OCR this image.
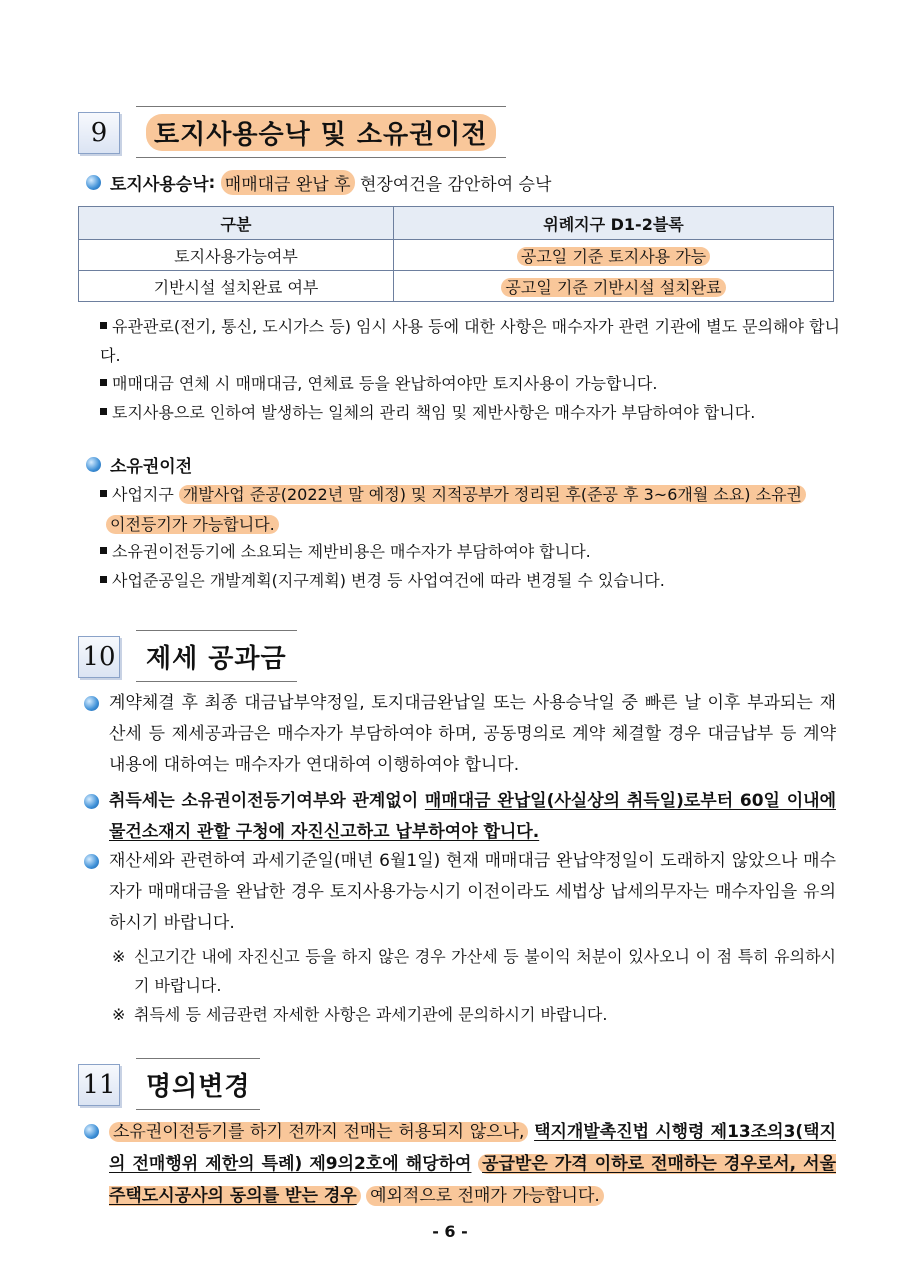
9	토지사용승낙 및 소유권이전
토지사용승낙 :
매매대금 완납 후
현장여건을 감안하여 승낙
구분	위례지구 D1-2블록
토지사용가능여부	공고일 기준 토지사용 가능
기반시설 설치완료 여부	공고일 기준 기반시설 설치완료
유관관로(전기, 통신, 도시가스 등) 임시 사용 등에 대한 사항은 매수자가 관련 기관에 별도 문의해야 합니다.
매매대금 연체 시 매매대금, 연체료 등을 완납하여야만 토지사용이 가능합니다.
토지사용으로 인하여 발생하는 일체의 관리 책임 및 제반사항은 매수자가 부담하여야 합니다.
소유권이전
사업지구 개발사업 준공(2022년 말 예정) 및 지적공부가 정리된 후(준공 후 3~6개월 소요) 소유권
이전등기가 가능합니다.
소유권이전등기에 소요되는 제반비용은 매수자가 부담하여야 합니다.
사업준공일은 개발계획(지구계획) 변경 등 사업여건에 따라 변경될 수 있습니다.
10 제세 공과금
계약체결 후 최종 대금납부약정일, 토지대금완납일 또는 사용승낙일 중 빠른 날 이후 부과되는 재산세 등 제세공과금은 매수자가 부담하여야 하며, 공동명의로 계약 체결할 경우 대금납부 등 계약내용에 대하여는 매수자가 연대하여 이행하여야 합니다.
취득세는 소유권이전등기여부와 관계없이 매매대금 완납일(사실상의 취득일)로부터 60일 이내에 물건소재지 관할 구청에 자진신고하고 납부하여야 합니다.
재산세와 관련하여 과세기준일(매년 6월1일) 현재 매매대금 완납약정일이 도래하지 않았으나 매수자가 매매대금을 완납한 경우 토지사용가능시기 이전이라도 세법상 납세의무자는 매수자임을 유의하시기 바랍니다.
※ 신고기간 내에 자진신고 등을 하지 않은 경우 가산세 등 불이익 처분이 있사오니 이 점 특히 유의하시기 바랍니다.
※ 취득세 등 세금관련 자세한 사항은 과세기관에 문의하시기 바랍니다.
11 명의변경
소유권이전등기를 하기 전까지 전매는 허용되지 않으나, 택지개발촉진법 시행령 제13조의3(택지의 전매행위 제한의 특례) 제9의2호에 해당하여 공급받은 가격 이하로 전매하는 경우로서, 서울주택도시공사의 동의를 받는 경우 예외적으로 전매가 가능합니다.
- 6 -
